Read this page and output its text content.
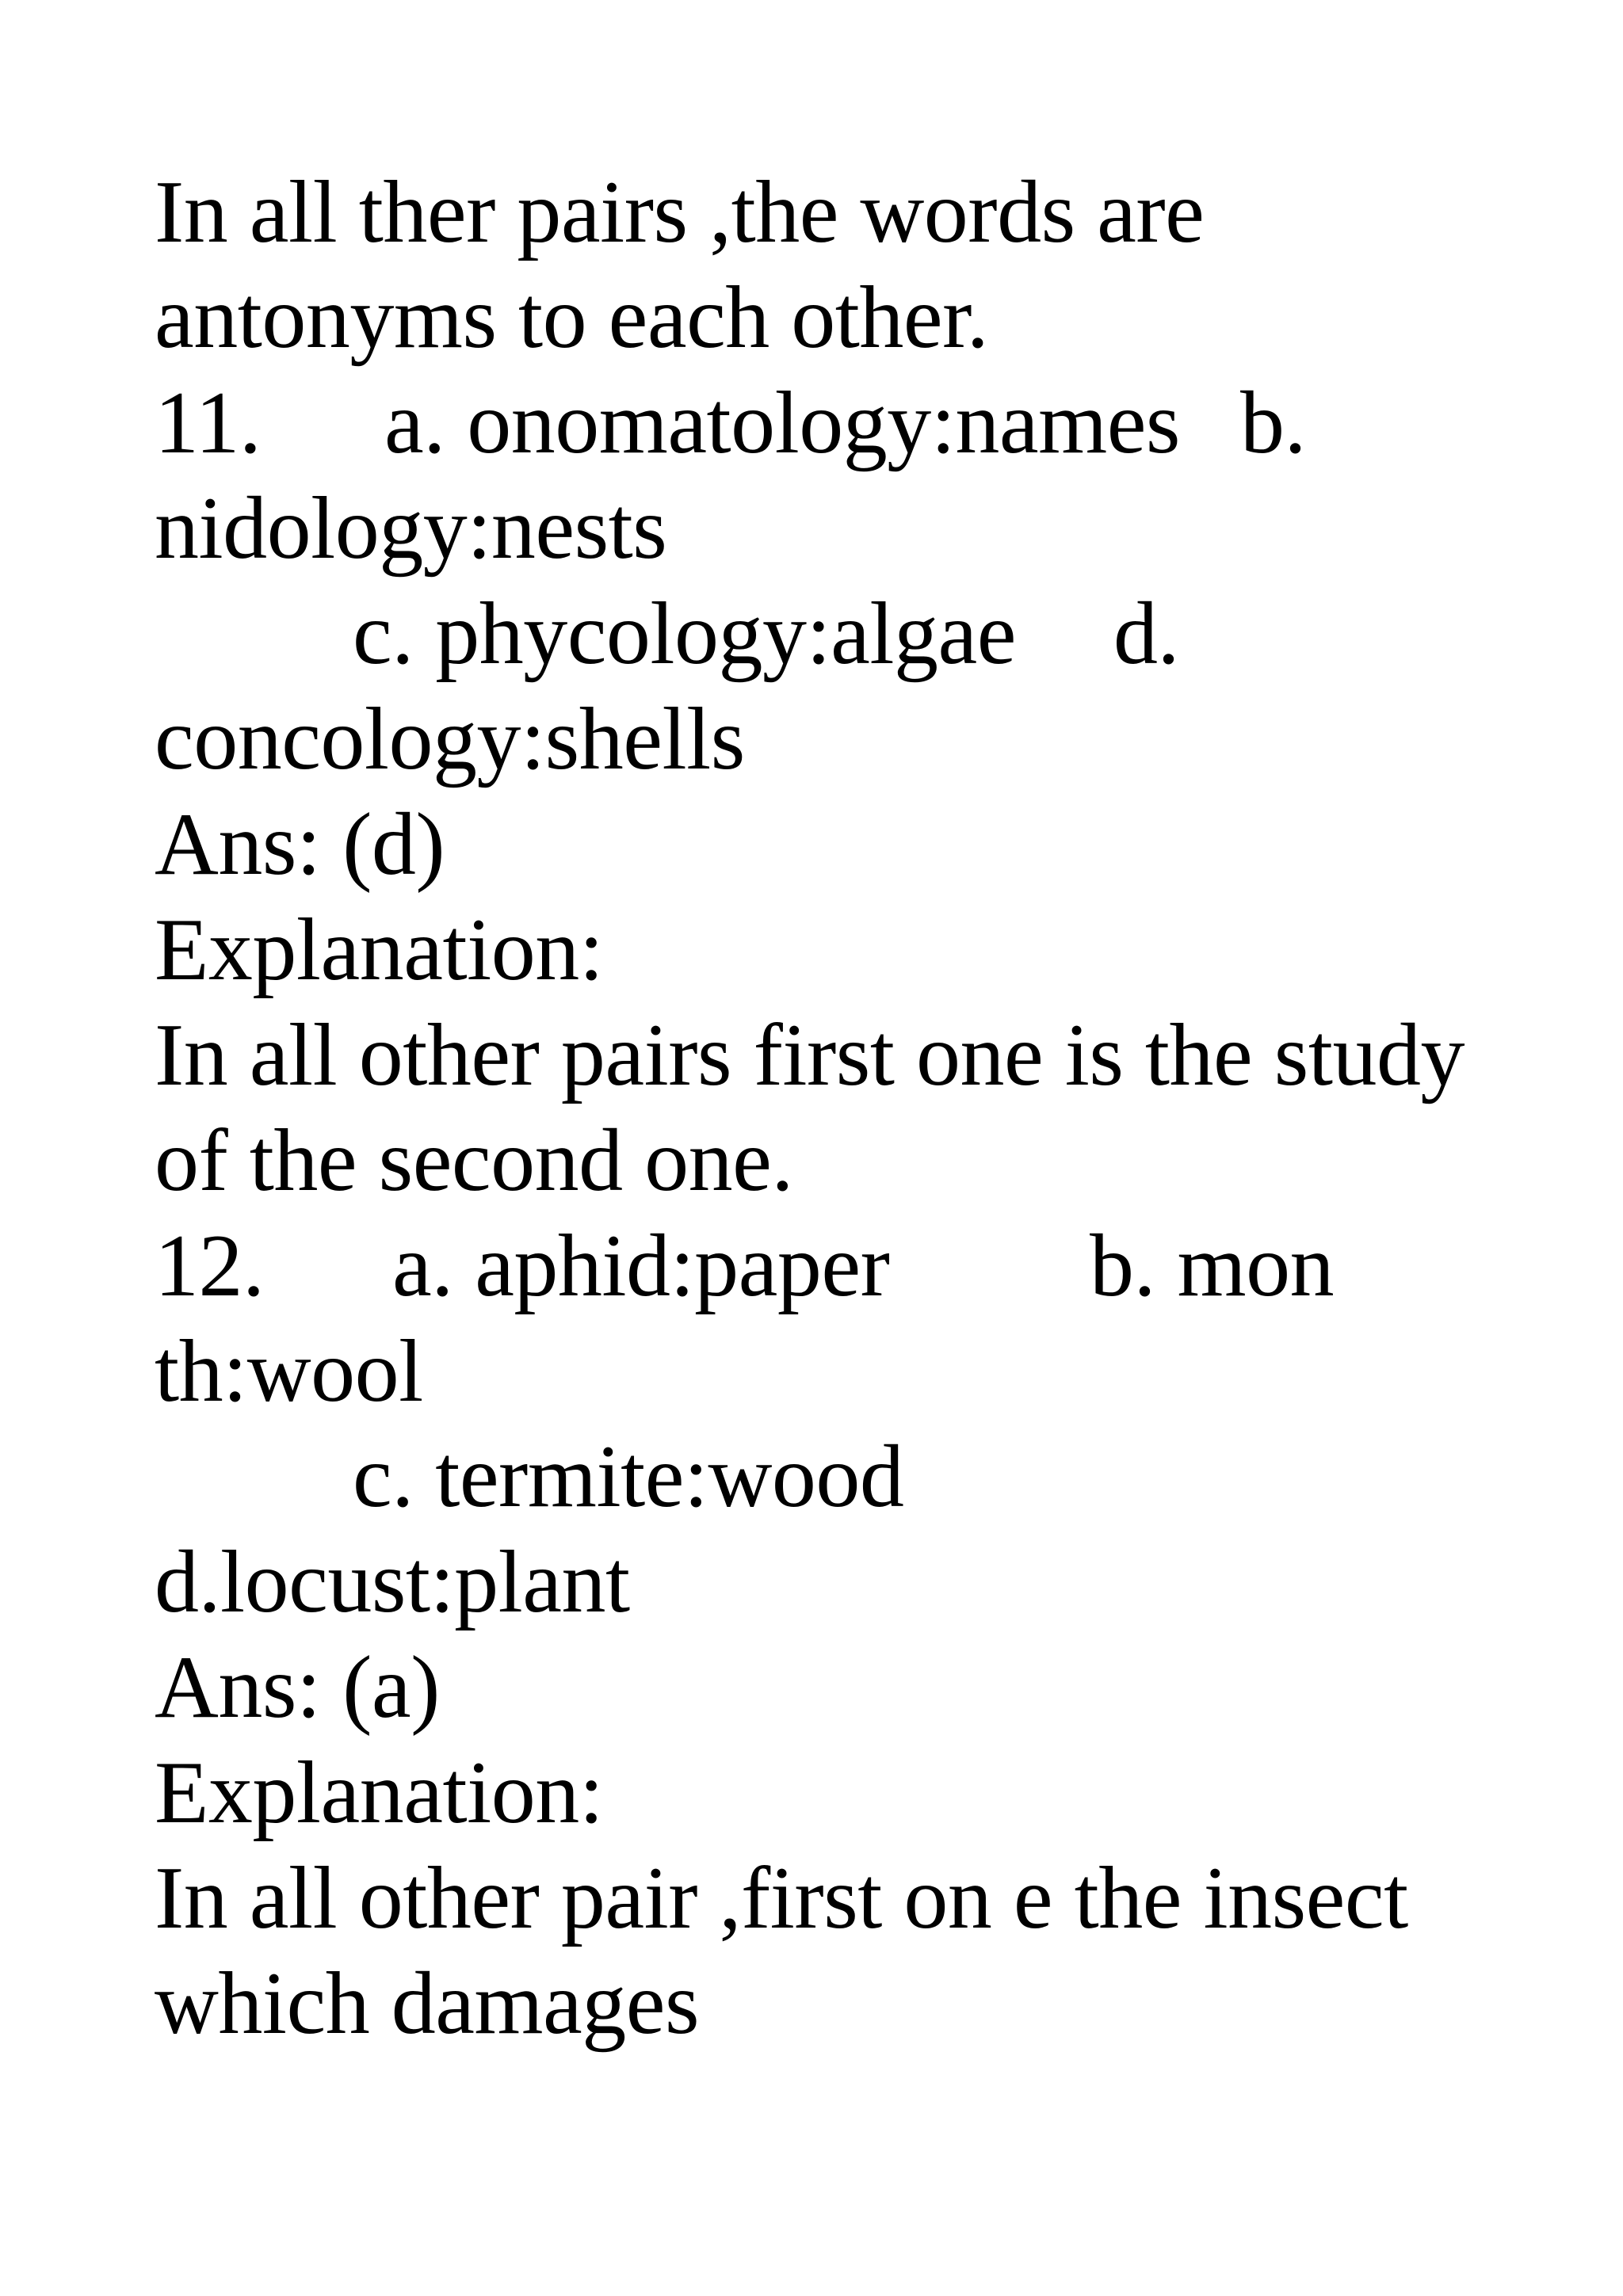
In all ther pairs ,the words are
antonyms to each other.

11.

a. onomatology:names

b.

nidology:nests

c. phycology:algae

d.

concology:shells
Ans: (d)
Explanation:
In all other pairs first one is the study
of the second one.

12.

a. aphid:paper

b. mon

th:wool
c. termite:wood
d.locust:plant
Ans: (a)
Explanation:
In all other pair ,first on e the insect
which damages
